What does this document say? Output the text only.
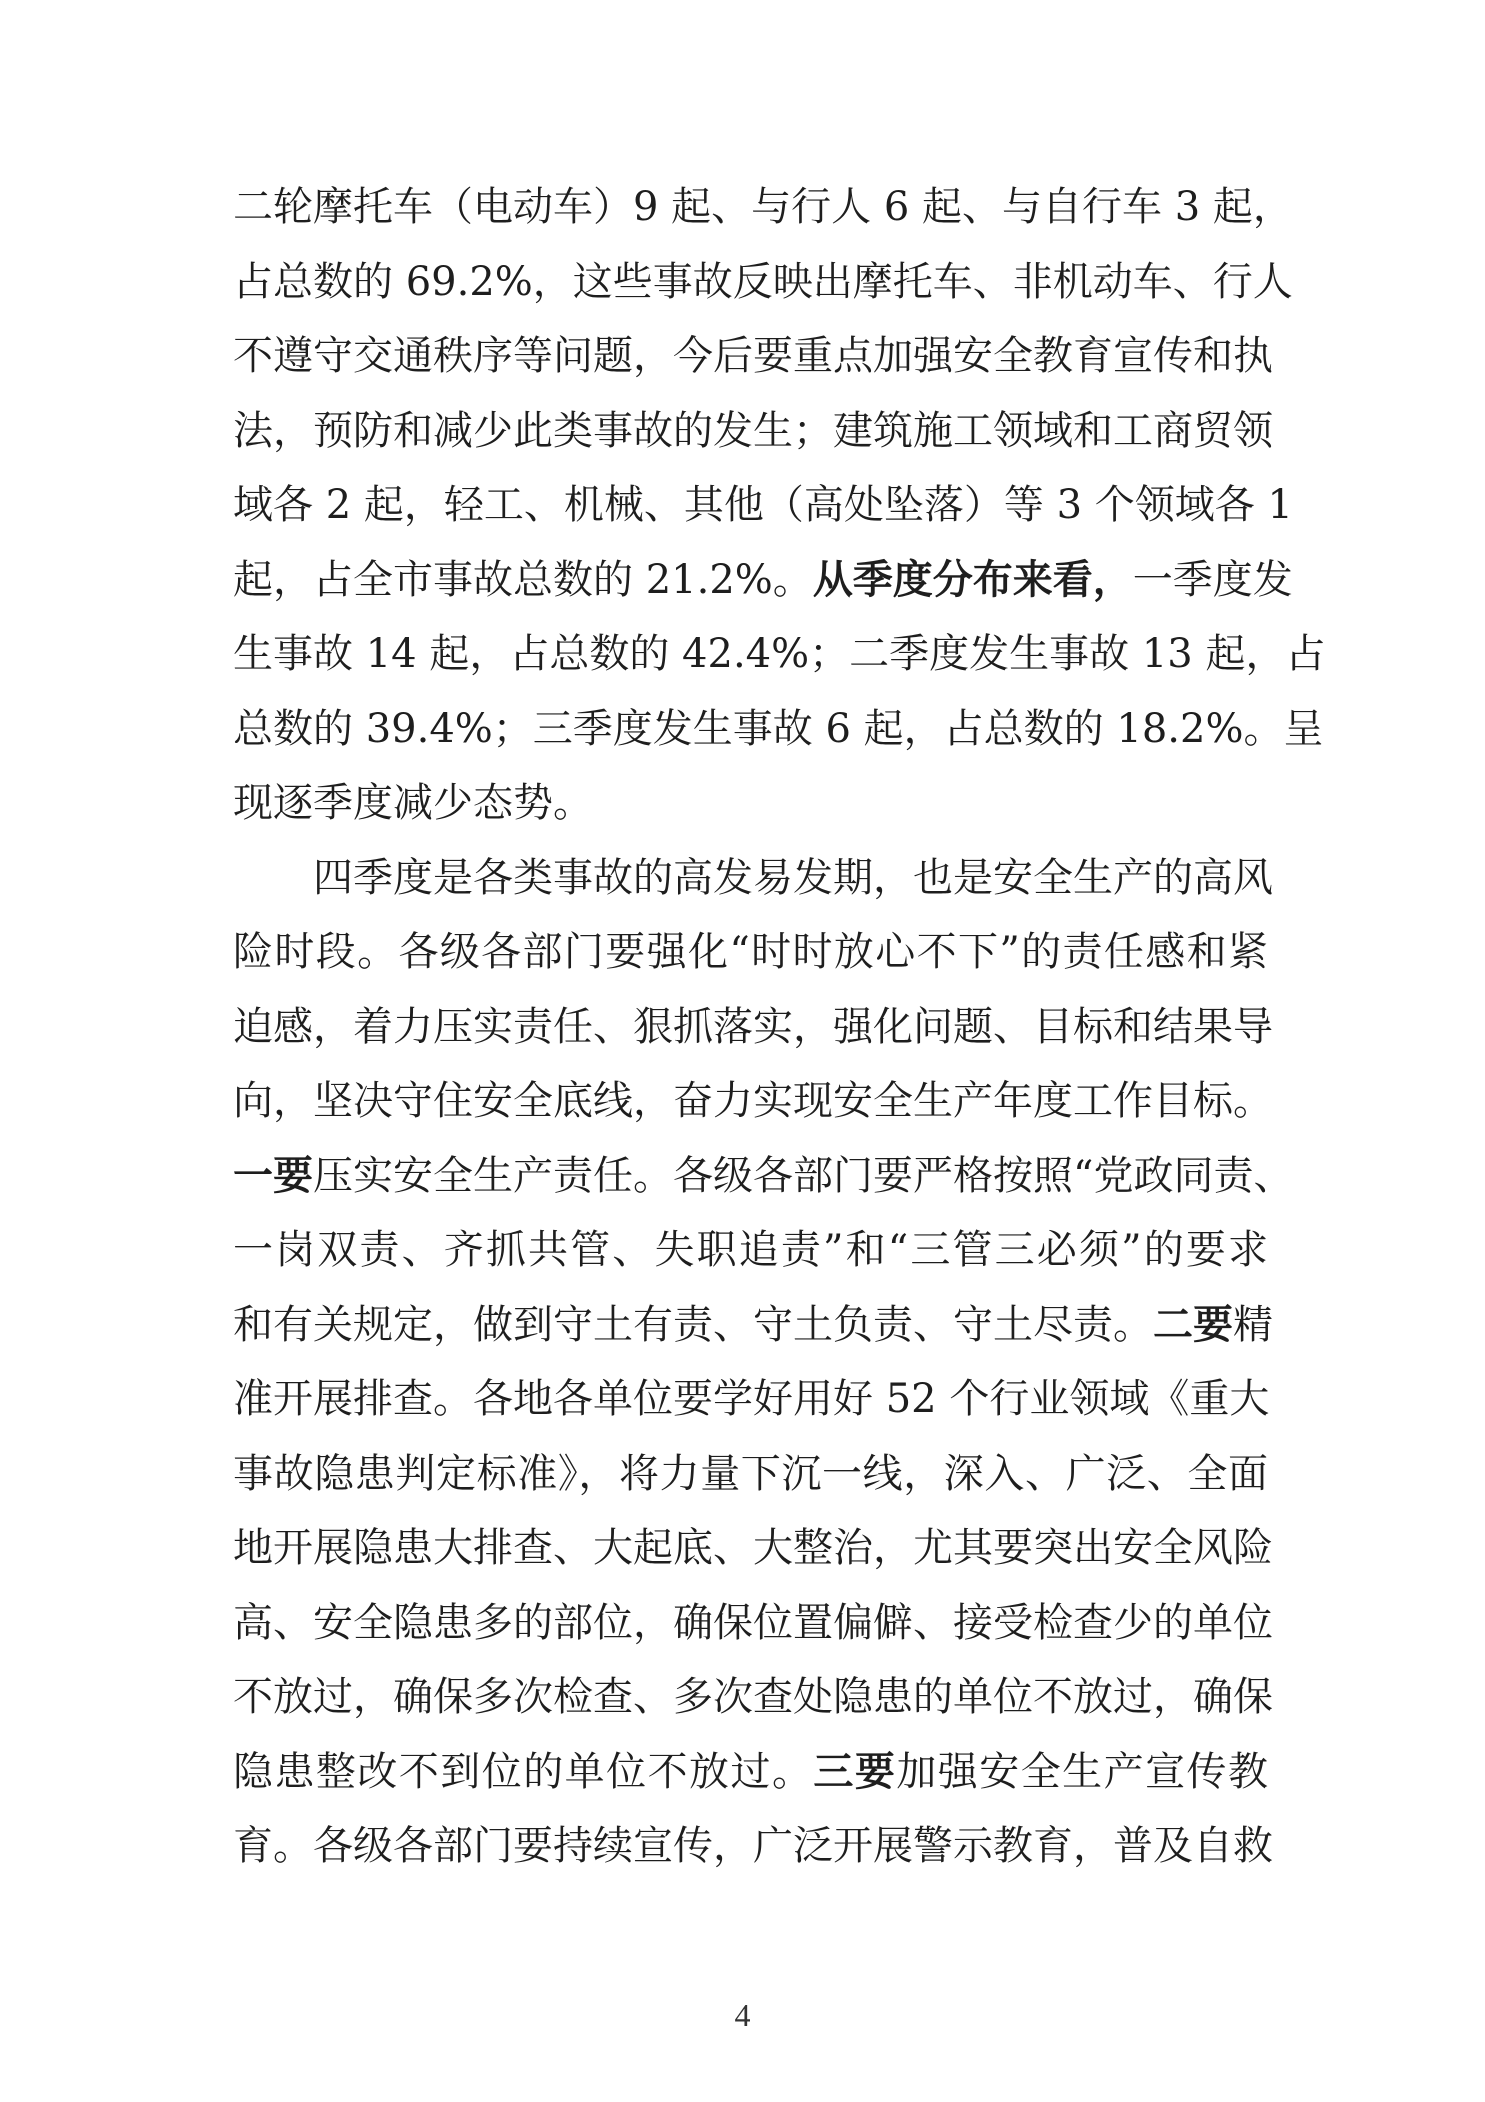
二轮摩托车（电动车）9 起、与行人 6 起、与自行车 3 起，
占总数的 69.2%，这些事故反映出摩托车、非机动车、行人
不遵守交通秩序等问题，今后要重点加强安全教育宣传和执
法，预防和减少此类事故的发生；建筑施工领域和工商贸领
域各 2 起，轻工、机械、其他（高处坠落）等 3 个领域各 1
起，占全市事故总数的 21.2%。从季度分布来看，一季度发
生事故 14 起，占总数的 42.4%；二季度发生事故 13 起，占
总数的 39.4%；三季度发生事故 6 起，占总数的 18.2%。呈
现逐季度减少态势。
四季度是各类事故的高发易发期，也是安全生产的高风
险时段。各级各部门要强化“时时放心不下”的责任感和紧
迫感，着力压实责任、狠抓落实，强化问题、目标和结果导
向，坚决守住安全底线，奋力实现安全生产年度工作目标。
一要压实安全生产责任。各级各部门要严格按照“党政同责、
一岗双责、齐抓共管、失职追责”和“三管三必须”的要求
和有关规定，做到守土有责、守土负责、守土尽责。二要精
准开展排查。各地各单位要学好用好 52 个行业领域《重大
事故隐患判定标准》，将力量下沉一线，深入、广泛、全面
地开展隐患大排查、大起底、大整治，尤其要突出安全风险
高、安全隐患多的部位，确保位置偏僻、接受检查少的单位
不放过，确保多次检查、多次查处隐患的单位不放过，确保
隐患整改不到位的单位不放过。三要加强安全生产宣传教
育。各级各部门要持续宣传，广泛开展警示教育，普及自救
4
